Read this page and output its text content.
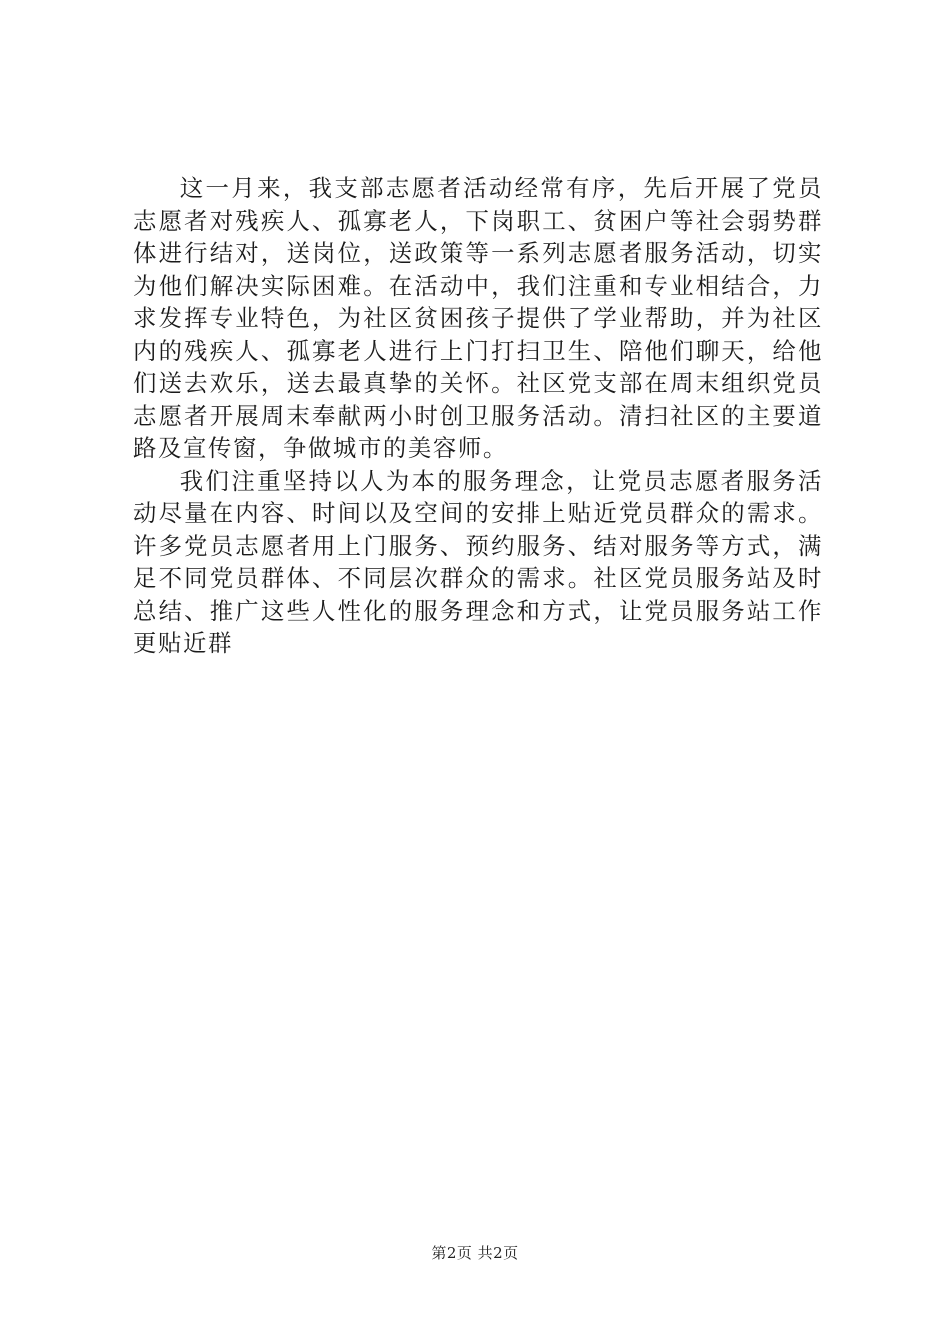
这一月来，我支部志愿者活动经常有序，先后开展了党员志愿者对残疾人、孤寡老人，下岗职工、贫困户等社会弱势群体进行结对，送岗位，送政策等一系列志愿者服务活动，切实为他们解决实际困难。在活动中，我们注重和专业相结合，力求发挥专业特色，为社区贫困孩子提供了学业帮助，并为社区内的残疾人、孤寡老人进行上门打扫卫生、陪他们聊天，给他们送去欢乐，送去最真挚的关怀。社区党支部在周末组织党员志愿者开展周末奉献两小时创卫服务活动。清扫社区的主要道路及宣传窗，争做城市的美容师。

我们注重坚持以人为本的服务理念，让党员志愿者服务活动尽量在内容、时间以及空间的安排上贴近党员群众的需求。许多党员志愿者用上门服务、预约服务、结对服务等方式，满足不同党员群体、不同层次群众的需求。社区党员服务站及时总结、推广这些人性化的服务理念和方式，让党员服务站工作更贴近群

第2页 共2页
